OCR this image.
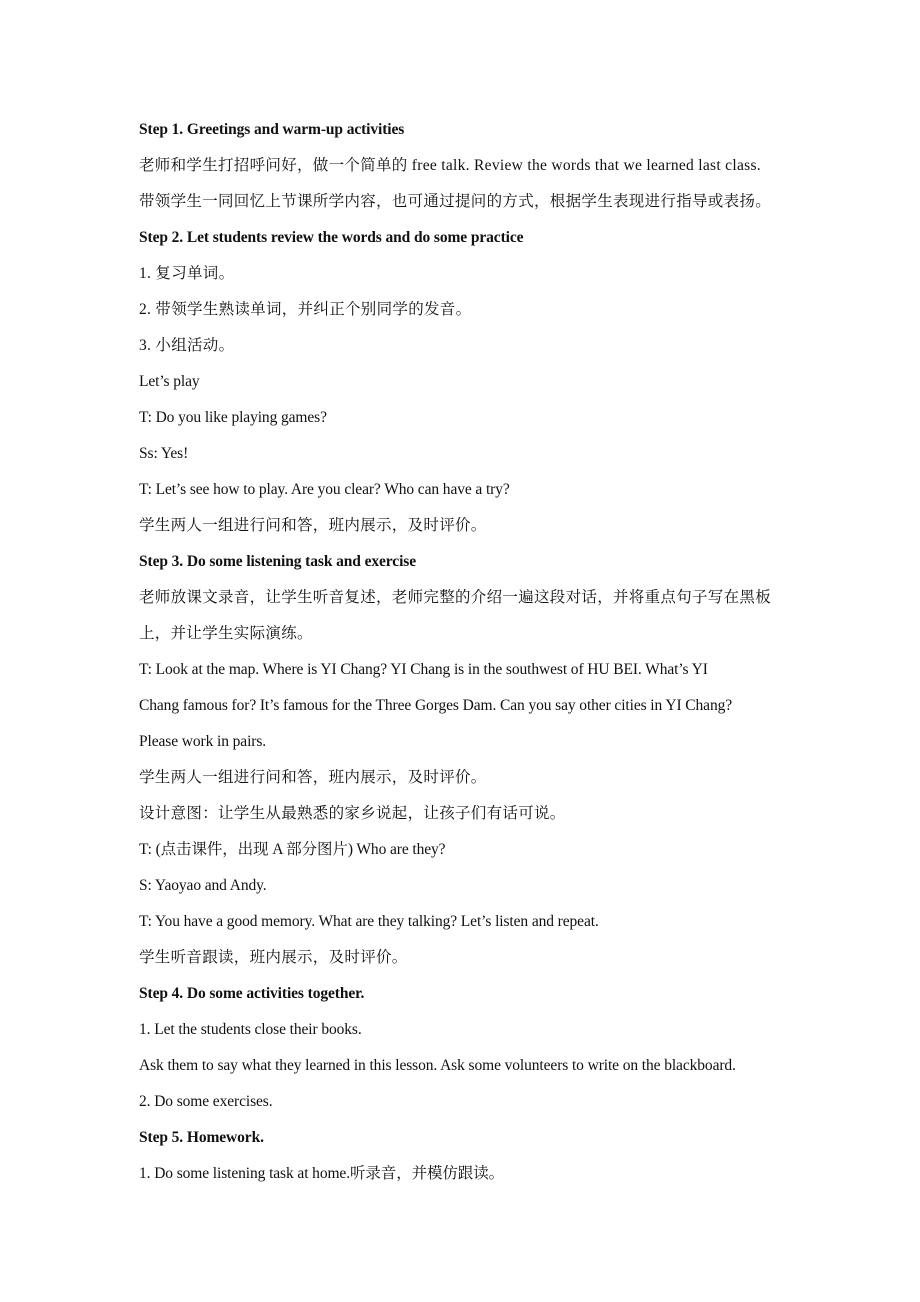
Step 1. Greetings and warm-up activities
老师和学生打招呼问好，做一个简单的 free talk. Review the words that we learned last class.
带领学生一同回忆上节课所学内容，也可通过提问的方式，根据学生表现进行指导或表扬。
Step 2. Let students review the words and do some practice
1. 复习单词。
2. 带领学生熟读单词，并纠正个别同学的发音。
3. 小组活动。
Let’s play
T: Do you like playing games?
Ss: Yes!
T: Let’s see how to play. Are you clear? Who can have a try?
学生两人一组进行问和答，班内展示，及时评价。
Step 3. Do some listening task and exercise
老师放课文录音，让学生听音复述，老师完整的介绍一遍这段对话，并将重点句子写在黑板
上，并让学生实际演练。
T: Look at the map. Where is YI Chang? YI Chang is in the southwest of HU BEI. What’s YI
Chang famous for? It’s famous for the Three Gorges Dam. Can you say other cities in YI Chang?
Please work in pairs.
学生两人一组进行问和答，班内展示，及时评价。
设计意图：让学生从最熟悉的家乡说起，让孩子们有话可说。
T: (点击课件，出现 A 部分图片) Who are they?
S: Yaoyao and Andy.
T: You have a good memory. What are they talking? Let’s listen and repeat.
学生听音跟读，班内展示，及时评价。
Step 4. Do some activities together.
1. Let the students close their books.
Ask them to say what they learned in this lesson. Ask some volunteers to write on the blackboard.
2. Do some exercises.
Step 5. Homework.
1. Do some listening task at home.听录音，并模仿跟读。
